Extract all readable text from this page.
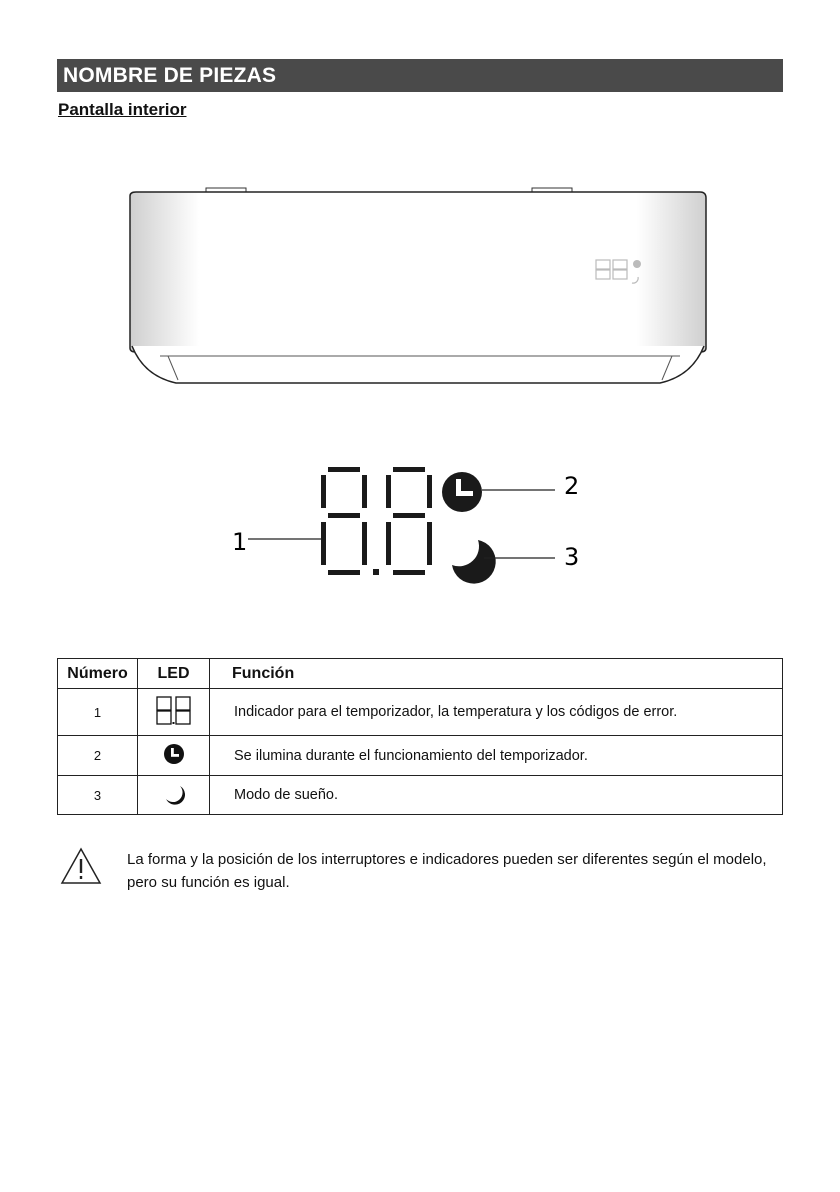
NOMBRE DE PIEZAS
Pantalla interior
1
2
3
Número	LED	Función
1		Indicador para el temporizador, la temperatura y los códigos de error.
2		Se ilumina durante el funcionamiento del temporizador.
3		Modo de sueño.
La forma y la posición de los interruptores e indicadores pueden ser diferentes según el modelo, pero su función es igual.
